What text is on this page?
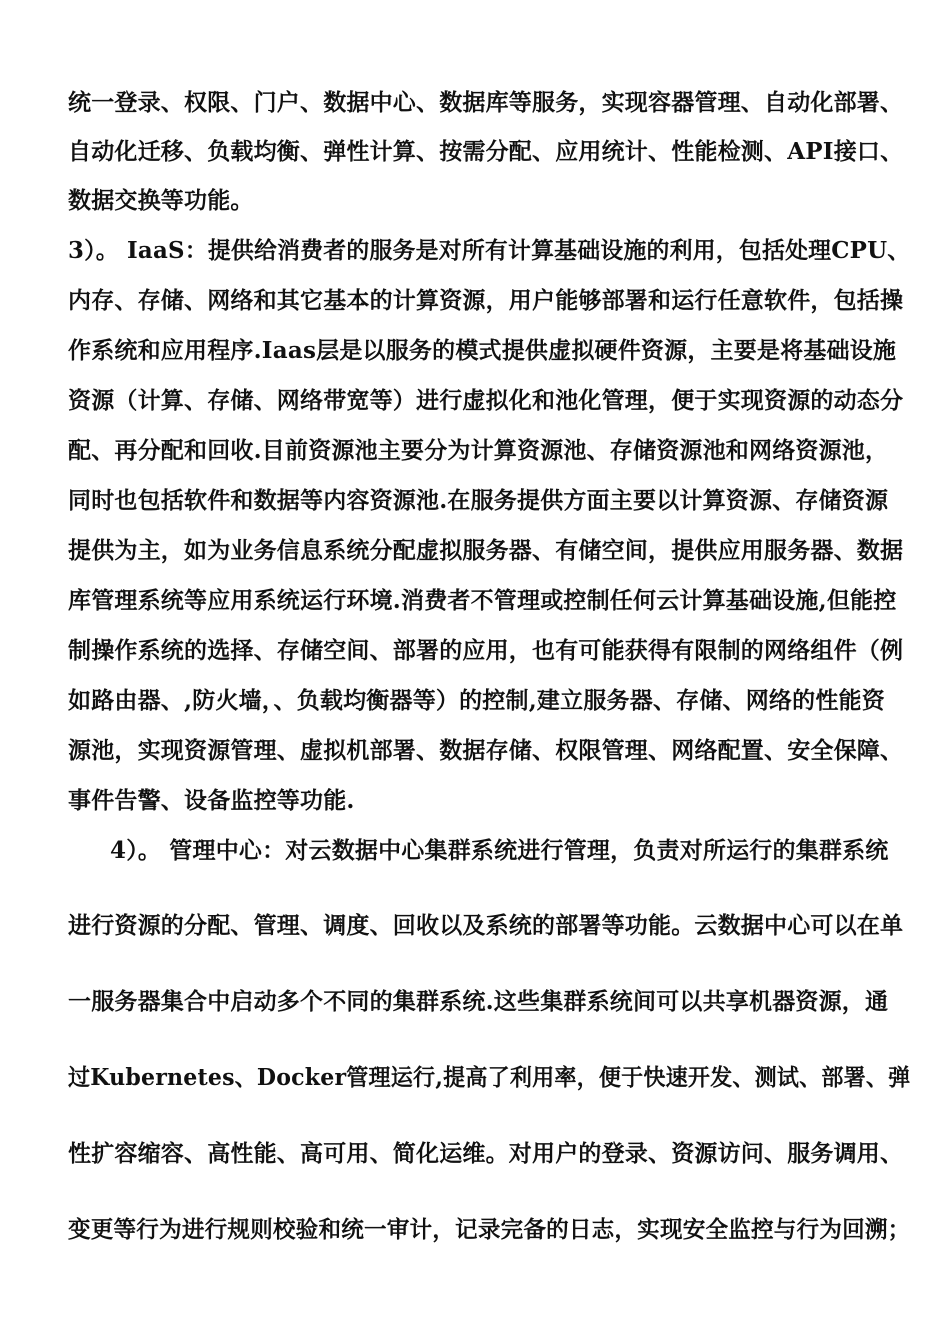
统一登录、权限、门户、数据中心、数据库等服务，实现容器管理、自动化部署、
自动化迁移、负载均衡、弹性计算、按需分配、应用统计、性能检测、API接口、
数据交换等功能。
3）。 IaaS：提供给消费者的服务是对所有计算基础设施的利用，包括处理CPU、
内存、存储、网络和其它基本的计算资源，用户能够部署和运行任意软件，包括操
作系统和应用程序.Iaas层是以服务的模式提供虚拟硬件资源，主要是将基础设施
资源（计算、存储、网络带宽等）进行虚拟化和池化管理，便于实现资源的动态分
配、再分配和回收.目前资源池主要分为计算资源池、存储资源池和网络资源池，
同时也包括软件和数据等内容资源池.在服务提供方面主要以计算资源、存储资源
提供为主，如为业务信息系统分配虚拟服务器、有储空间，提供应用服务器、数据
库管理系统等应用系统运行环境.消费者不管理或控制任何云计算基础设施,但能控
制操作系统的选择、存储空间、部署的应用，也有可能获得有限制的网络组件（例
如路由器、,防火墙，、负载均衡器等）的控制,建立服务器、存储、网络的性能资
源池，实现资源管理、虚拟机部署、数据存储、权限管理、网络配置、安全保障、
事件告警、设备监控等功能.
4）。 管理中心：对云数据中心集群系统进行管理，负责对所运行的集群系统
进行资源的分配、管理、调度、回收以及系统的部署等功能。云数据中心可以在单
一服务器集合中启动多个不同的集群系统.这些集群系统间可以共享机器资源，通
过Kubernetes、Docker管理运行,提高了利用率，便于快速开发、测试、部署、弹
性扩容缩容、高性能、高可用、简化运维。对用户的登录、资源访问、服务调用、
变更等行为进行规则校验和统一审计，记录完备的日志，实现安全监控与行为回溯；
